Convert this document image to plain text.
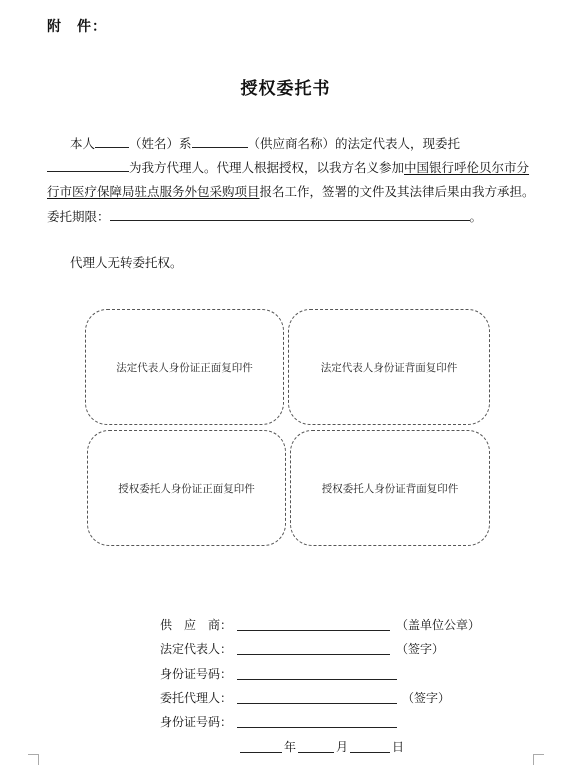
附　件：
授权委托书
本人	（姓名）系	（供应商名称）的法定代表人，现委托
为我方代理人。代理人根据授权，以我方名义参加中国银行呼伦贝尔市分
行市医疗保障局驻点服务外包采购项目报名工作，签署的文件及其法律后果由我方承担。
委托期限：	。
代理人无转委托权。
法定代表人身份证正面复印件	法定代表人身份证背面复印件
授权委托人身份证正面复印件	授权委托人身份证背面复印件
供　应　商：	（盖单位公章）
法定代表人：	（签字）
身份证号码：
委托代理人：	（签字）
身份证号码：
年	月	日
